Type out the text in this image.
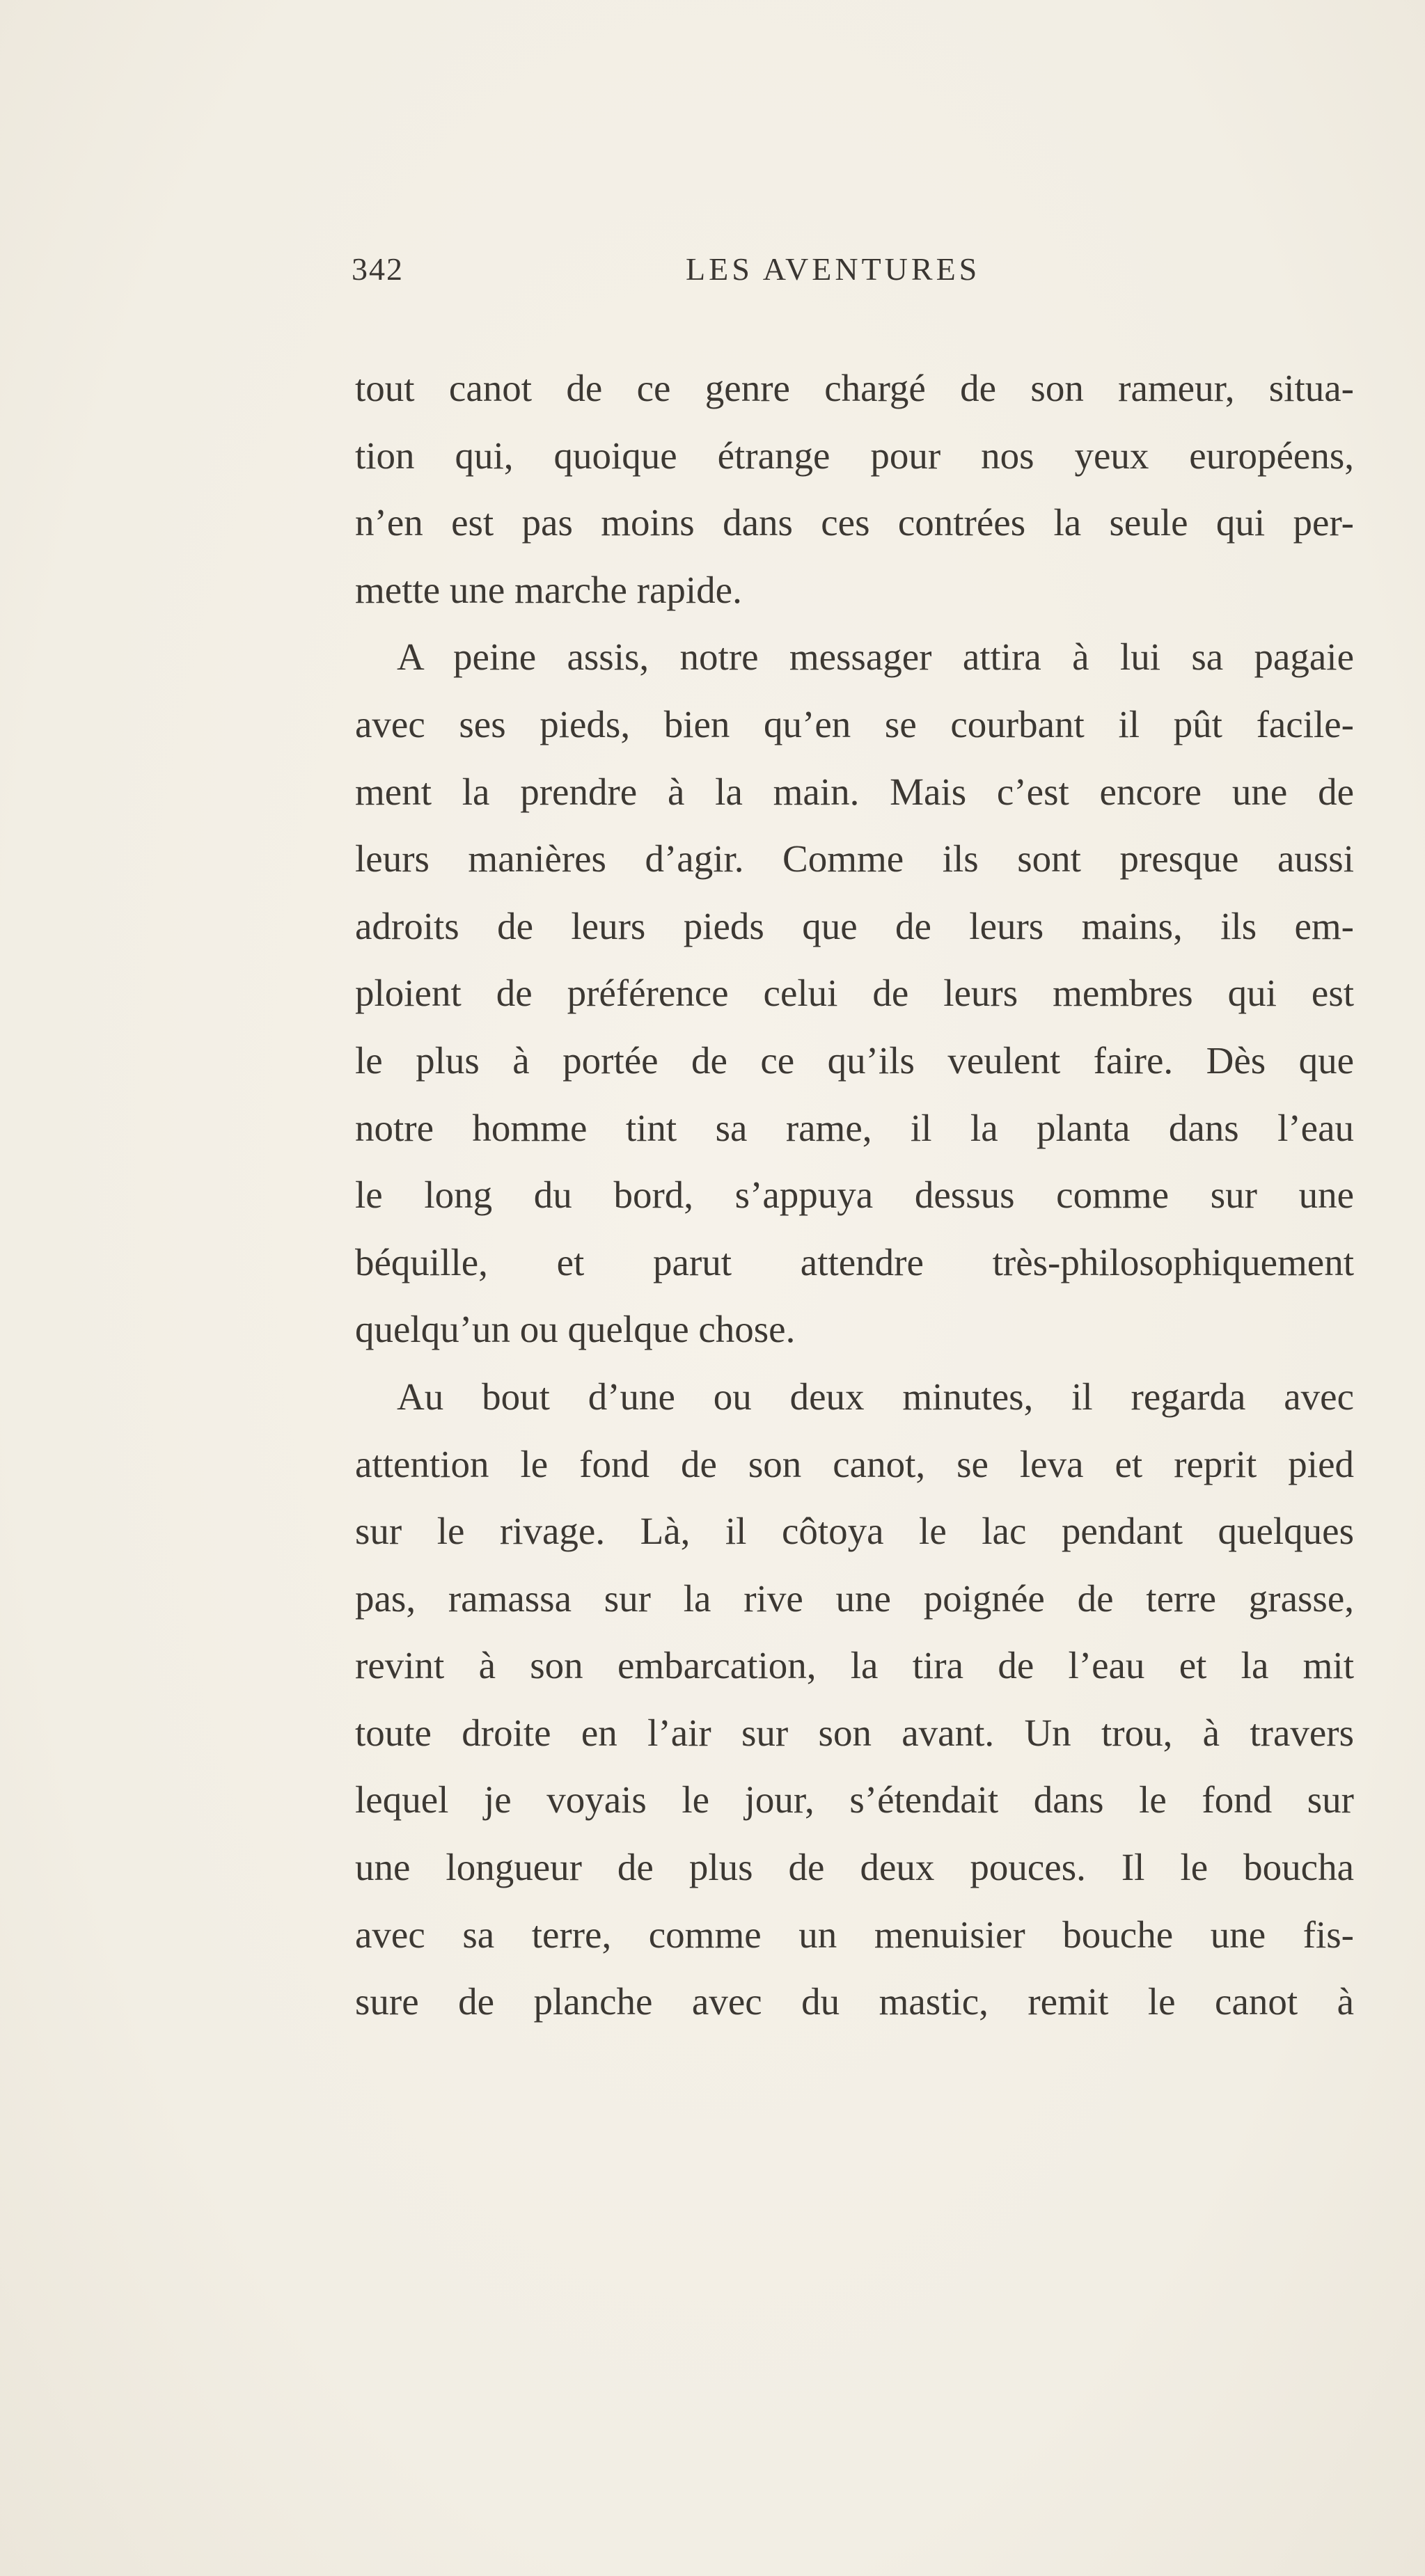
342	LES AVENTURES
tout canot de ce genre chargé de son rameur, situa-
tion qui, quoique étrange pour nos yeux européens,
n’en est pas moins dans ces contrées la seule qui per-
mette une marche rapide.
A peine assis, notre messager attira à lui sa pagaie
avec ses pieds, bien qu’en se courbant il pût facile-
ment la prendre à la main. Mais c’est encore une de
leurs manières d’agir. Comme ils sont presque aussi
adroits de leurs pieds que de leurs mains, ils em-
ploient de préférence celui de leurs membres qui est
le plus à portée de ce qu’ils veulent faire. Dès que
notre homme tint sa rame, il la planta dans l’eau
le long du bord, s’appuya dessus comme sur une
béquille, et parut attendre très-philosophiquement
quelqu’un ou quelque chose.
Au bout d’une ou deux minutes, il regarda avec
attention le fond de son canot, se leva et reprit pied
sur le rivage. Là, il côtoya le lac pendant quelques
pas, ramassa sur la rive une poignée de terre grasse,
revint à son embarcation, la tira de l’eau et la mit
toute droite en l’air sur son avant. Un trou, à travers
lequel je voyais le jour, s’étendait dans le fond sur
une longueur de plus de deux pouces. Il le boucha
avec sa terre, comme un menuisier bouche une fis-
sure de planche avec du mastic, remit le canot à
